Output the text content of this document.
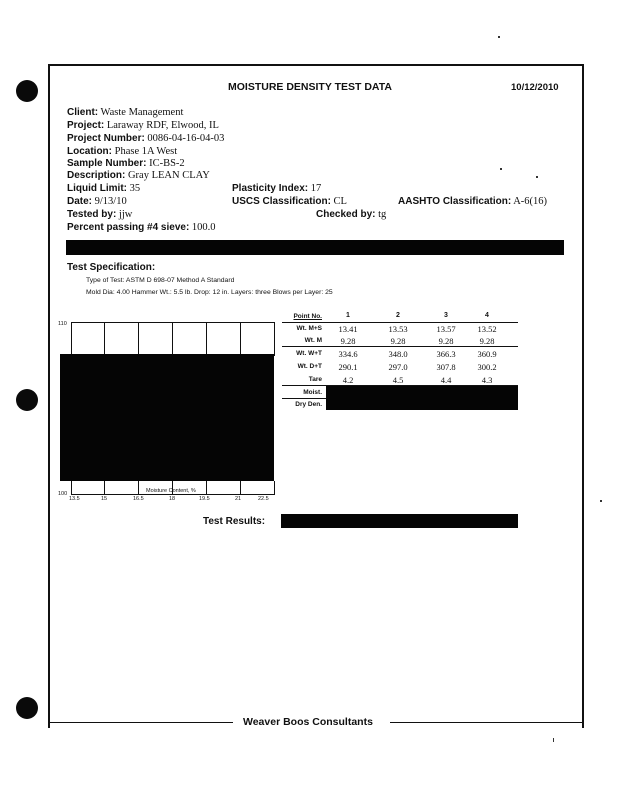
MOISTURE DENSITY TEST DATA	10/12/2010
Client: Waste Management
Project: Laraway RDF, Elwood, IL
Project Number: 0086-04-16-04-03
Location: Phase 1A West
Sample Number: IC-BS-2
Description: Gray LEAN CLAY
Liquid Limit: 35	Plasticity Index: 17
Date: 9/13/10	USCS Classification: CL	AASHTO Classification: A-6(16)
Tested by: jjw	Checked by: tg
Percent passing #4 sieve: 100.0
Test Specification:
Type of Test: ASTM D 698-07 Method A Standard
Mold Dia: 4.00 Hammer Wt.: 5.5 lb. Drop: 12 in. Layers: three Blows per Layer: 25
110
100	Moisture Content, %
13.5	15	16.5	18	19.5	21	22.5
Point No.	1	2	3	4
Wt. M+S	13.41	13.53	13.57	13.52
Wt. M	9.28	9.28	9.28	9.28
Wt. W+T	334.6	348.0	366.3	360.9
Wt. D+T	290.1	297.0	307.8	300.2
Tare	4.2	4.5	4.4	4.3
Moist.
Dry Den.
Test Results:
Weaver Boos Consultants
